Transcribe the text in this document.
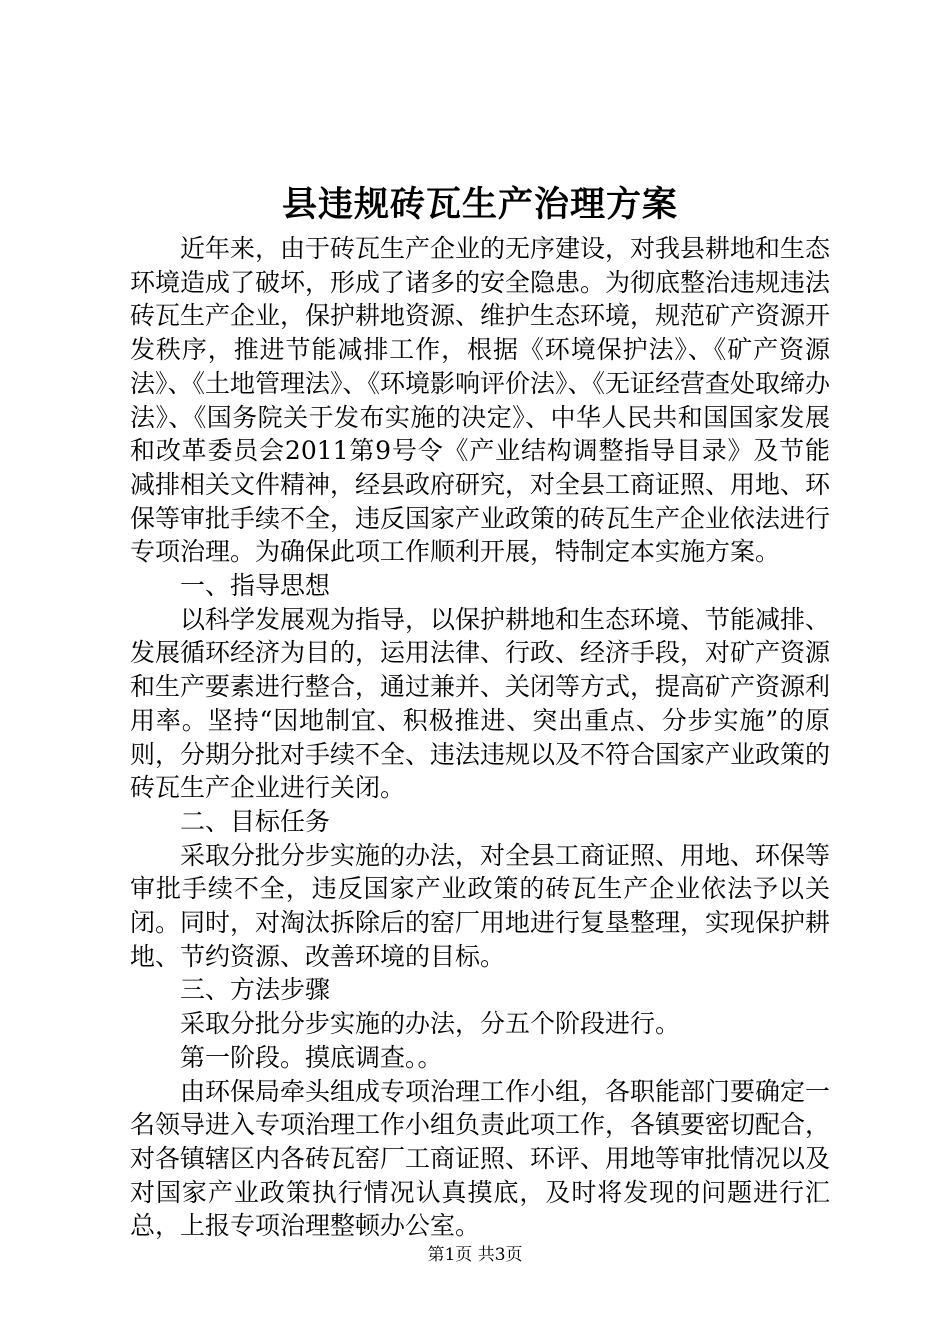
县违规砖瓦生产治理方案

近年来，由于砖瓦生产企业的无序建设，对我县耕地和生态环境造成了破坏，形成了诸多的安全隐患。为彻底整治违规违法砖瓦生产企业，保护耕地资源、维护生态环境，规范矿产资源开发秩序，推进节能减排工作，根据《环境保护法》、《矿产资源法》、《土地管理法》、《环境影响评价法》、《无证经营查处取缔办法》、《国务院关于发布实施的决定》、中华人民共和国国家发展和改革委员会2011第9号令《产业结构调整指导目录》及节能减排相关文件精神，经县政府研究，对全县工商证照、用地、环保等审批手续不全，违反国家产业政策的砖瓦生产企业依法进行专项治理。为确保此项工作顺利开展，特制定本实施方案。

一、指导思想

以科学发展观为指导，以保护耕地和生态环境、节能减排、发展循环经济为目的，运用法律、行政、经济手段，对矿产资源和生产要素进行整合，通过兼并、关闭等方式，提高矿产资源利用率。坚持“因地制宜、积极推进、突出重点、分步实施”的原则，分期分批对手续不全、违法违规以及不符合国家产业政策的砖瓦生产企业进行关闭。

二、目标任务

采取分批分步实施的办法，对全县工商证照、用地、环保等审批手续不全，违反国家产业政策的砖瓦生产企业依法予以关闭。同时，对淘汰拆除后的窑厂用地进行复垦整理，实现保护耕地、节约资源、改善环境的目标。

三、方法步骤

采取分批分步实施的办法，分五个阶段进行。

第一阶段。摸底调查。。

由环保局牵头组成专项治理工作小组，各职能部门要确定一名领导进入专项治理工作小组负责此项工作，各镇要密切配合，对各镇辖区内各砖瓦窑厂工商证照、环评、用地等审批情况以及对国家产业政策执行情况认真摸底，及时将发现的问题进行汇总，上报专项治理整顿办公室。

第1页 共3页
